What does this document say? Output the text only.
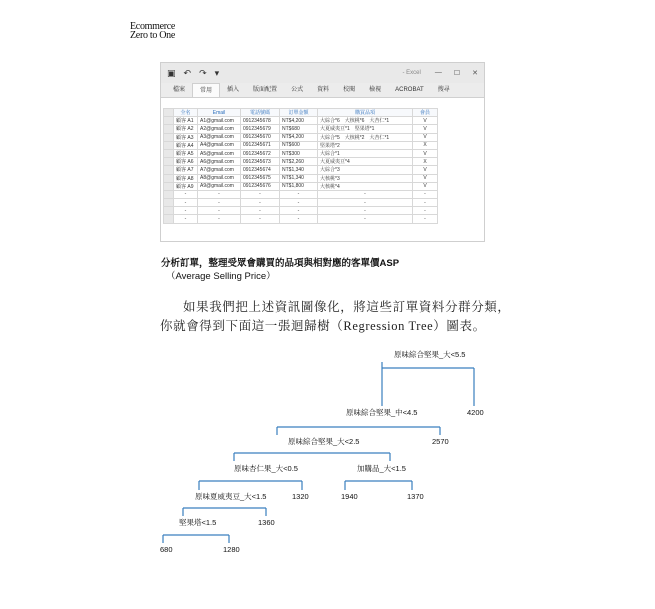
Ecommerce
Zero to One
▣ ↶ ↷ ▾	- Excel — ☐ ✕
檔案	常用	插入	版面配置	公式	資料	校閱	檢視	ACROBAT	搜尋
	全名	Email	電話號碼	訂單金額	購買品項	會員
	顧客 A1	A1@gmail.com	0912345678	NT$4,200	大綜合*6　大核桃*6　大杏仁*1	V
	顧客 A2	A2@gmail.com	0912345679	NT$680	大夏威夷豆*1　堅果塔*1	V
	顧客 A3	A3@gmail.com	0912345670	NT$4,200	大綜合*5　大核桃*2　大杏仁*1	V
	顧客 A4	A4@gmail.com	0912345671	NT$600	堅果塔*2	X
	顧客 A5	A5@gmail.com	0912345672	NT$300	大綜合*1	V
	顧客 A6	A6@gmail.com	0912345673	NT$2,260	大夏威夷豆*4	X
	顧客 A7	A7@gmail.com	0912345674	NT$1,340	大綜合*3	V
	顧客 A8	A8@gmail.com	0912345675	NT$1,340	大核桃*3	V
	顧客 A9	A9@gmail.com	0912345676	NT$1,800	大核桃*4	V
	-	-	-	-	-	-
	-	-	-	-	-	-
	-	-	-	-	-	-
	-	-	-	-	-	-
分析訂單，整理受眾會購買的品項與相對應的客單價ASP
（Average Selling Price）
如果我們把上述資訊圖像化，將這些訂單資料分群分類，
你就會得到下面這一張迴歸樹（Regression Tree）圖表。
原味綜合堅果_大<5.5
原味綜合堅果_中<4.5	4200
原味綜合堅果_大<2.5	2570
原味杏仁果_大<0.5	加購品_大<1.5
原味夏威夷豆_大<1.5	1320	1940	1370
堅果塔<1.5	1360
680	1280
